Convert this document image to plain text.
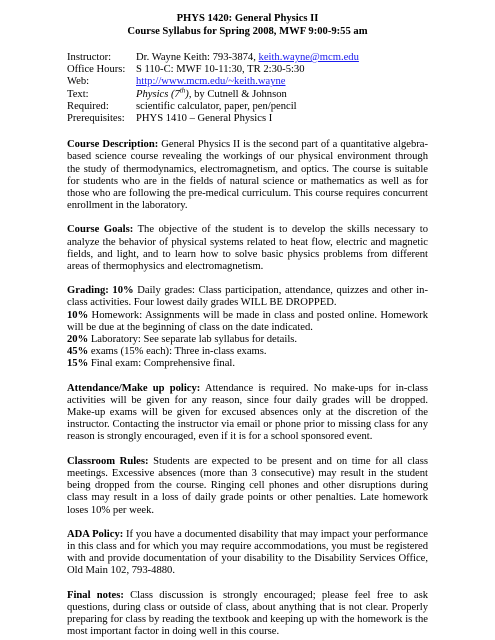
PHYS 1420: General Physics II
Course Syllabus for Spring 2008, MWF 9:00-9:55 am
Instructor:	Dr. Wayne Keith: 793-3874, keith.wayne@mcm.edu
Office Hours:	S 110-C: MWF 10-11:30, TR 2:30-5:30
Web:	http://www.mcm.edu/~keith.wayne
Text:	Physics (7th), by Cutnell & Johnson
Required:	scientific calculator, paper, pen/pencil
Prerequisites:	PHYS 1410 – General Physics I
Course Description: General Physics II is the second part of a quantitative algebra-based science course revealing the workings of our physical environment through the study of thermodynamics, electromagnetism, and optics. The course is suitable for students who are in the fields of natural science or mathematics as well as for those who are following the pre-medical curriculum. This course requires concurrent enrollment in the laboratory.
Course Goals: The objective of the student is to develop the skills necessary to analyze the behavior of physical systems related to heat flow, electric and magnetic fields, and light, and to learn how to solve basic physics problems from different areas of thermophysics and electromagnetism.
Grading: 10% Daily grades: Class participation, attendance, quizzes and other in-class activities. Four lowest daily grades WILL BE DROPPED.
10% Homework: Assignments will be made in class and posted online. Homework will be due at the beginning of class on the date indicated.
20% Laboratory: See separate lab syllabus for details.
45% exams (15% each): Three in-class exams.
15% Final exam: Comprehensive final.
Attendance/Make up policy: Attendance is required. No make-ups for in-class activities will be given for any reason, since four daily grades will be dropped. Make-up exams will be given for excused absences only at the discretion of the instructor. Contacting the instructor via email or phone prior to missing class for any reason is strongly encouraged, even if it is for a school sponsored event.
Classroom Rules: Students are expected to be present and on time for all class meetings. Excessive absences (more than 3 consecutive) may result in the student being dropped from the course. Ringing cell phones and other disruptions during class may result in a loss of daily grade points or other penalties. Late homework loses 10% per week.
ADA Policy: If you have a documented disability that may impact your performance in this class and for which you may require accommodations, you must be registered with and provide documentation of your disability to the Disability Services Office, Old Main 102, 793-4880.
Final notes: Class discussion is strongly encouraged; please feel free to ask questions, during class or outside of class, about anything that is not clear. Properly preparing for class by reading the textbook and keeping up with the homework is the most important factor in doing well in this course.
